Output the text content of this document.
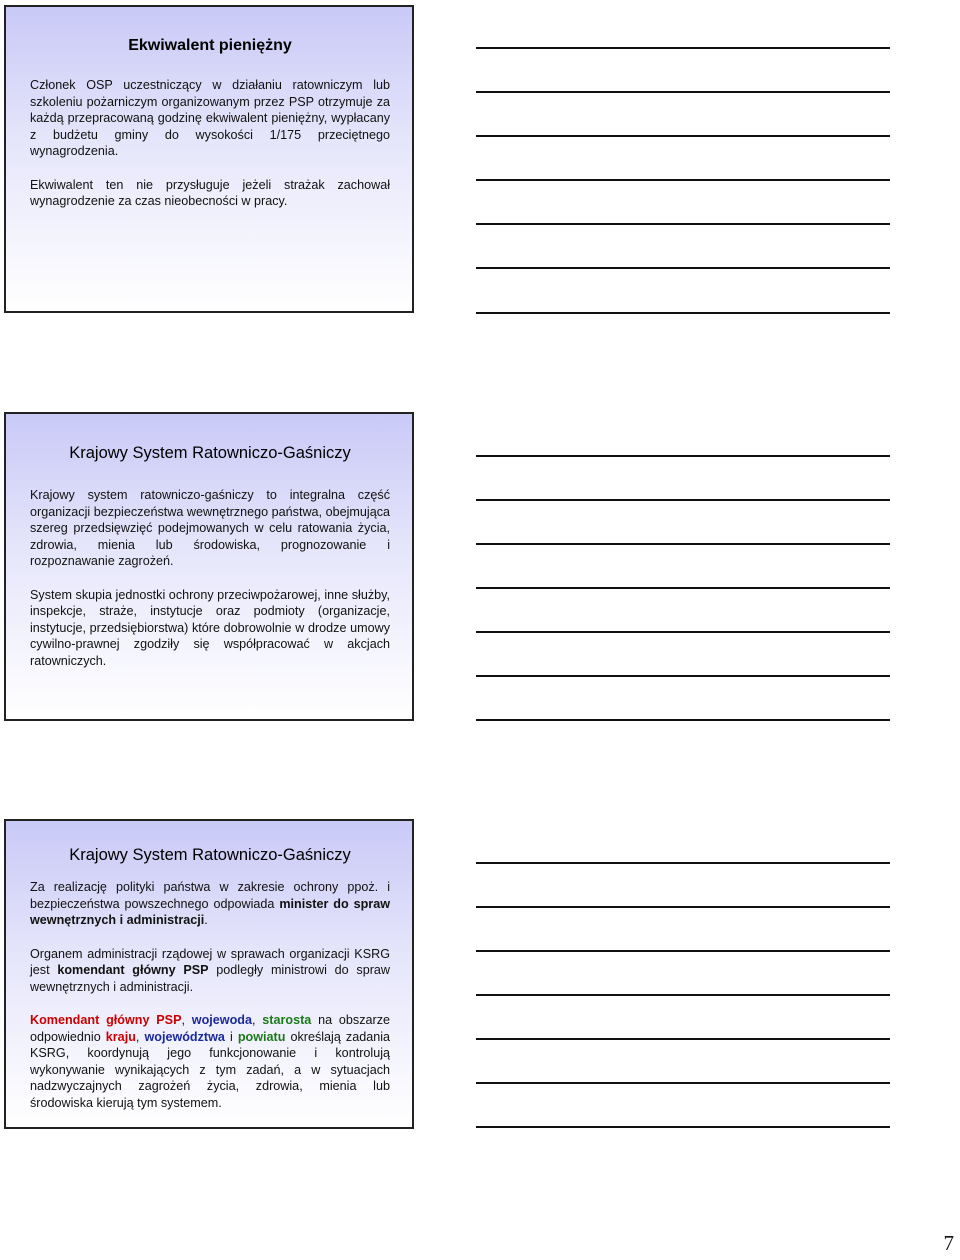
Ekwiwalent pieniężny

Członek OSP uczestniczący w działaniu ratowniczym lub szkoleniu pożarniczym organizowanym przez PSP otrzymuje za każdą przepracowaną godzinę ekwiwalent pieniężny, wypłacany z budżetu gminy do wysokości 1/175 przeciętnego wynagrodzenia.

Ekwiwalent ten nie przysługuje jeżeli strażak zachował wynagrodzenie za czas nieobecności w pracy.

Krajowy System Ratowniczo-Gaśniczy

Krajowy system ratowniczo-gaśniczy to integralna część organizacji bezpieczeństwa wewnętrznego państwa, obejmująca szereg przedsięwzięć podejmowanych w celu ratowania życia, zdrowia, mienia lub środowiska, prognozowanie i rozpoznawanie zagrożeń.

System skupia jednostki ochrony przeciwpożarowej, inne służby, inspekcje, straże, instytucje oraz podmioty (organizacje, instytucje, przedsiębiorstwa) które dobrowolnie w drodze umowy cywilno-prawnej zgodziły się współpracować w akcjach ratowniczych.

Krajowy System Ratowniczo-Gaśniczy

Za realizację polityki państwa w zakresie ochrony ppoż. i bezpieczeństwa powszechnego odpowiada minister do spraw wewnętrznych i administracji.

Organem administracji rządowej w sprawach organizacji KSRG jest komendant główny PSP podległy ministrowi do spraw wewnętrznych i administracji.

Komendant główny PSP, wojewoda, starosta na obszarze odpowiednio kraju, województwa i powiatu określają zadania KSRG, koordynują jego funkcjonowanie i kontrolują wykonywanie wynikających z tym zadań, a w sytuacjach nadzwyczajnych zagrożeń życia, zdrowia, mienia lub środowiska kierują tym systemem.

7
